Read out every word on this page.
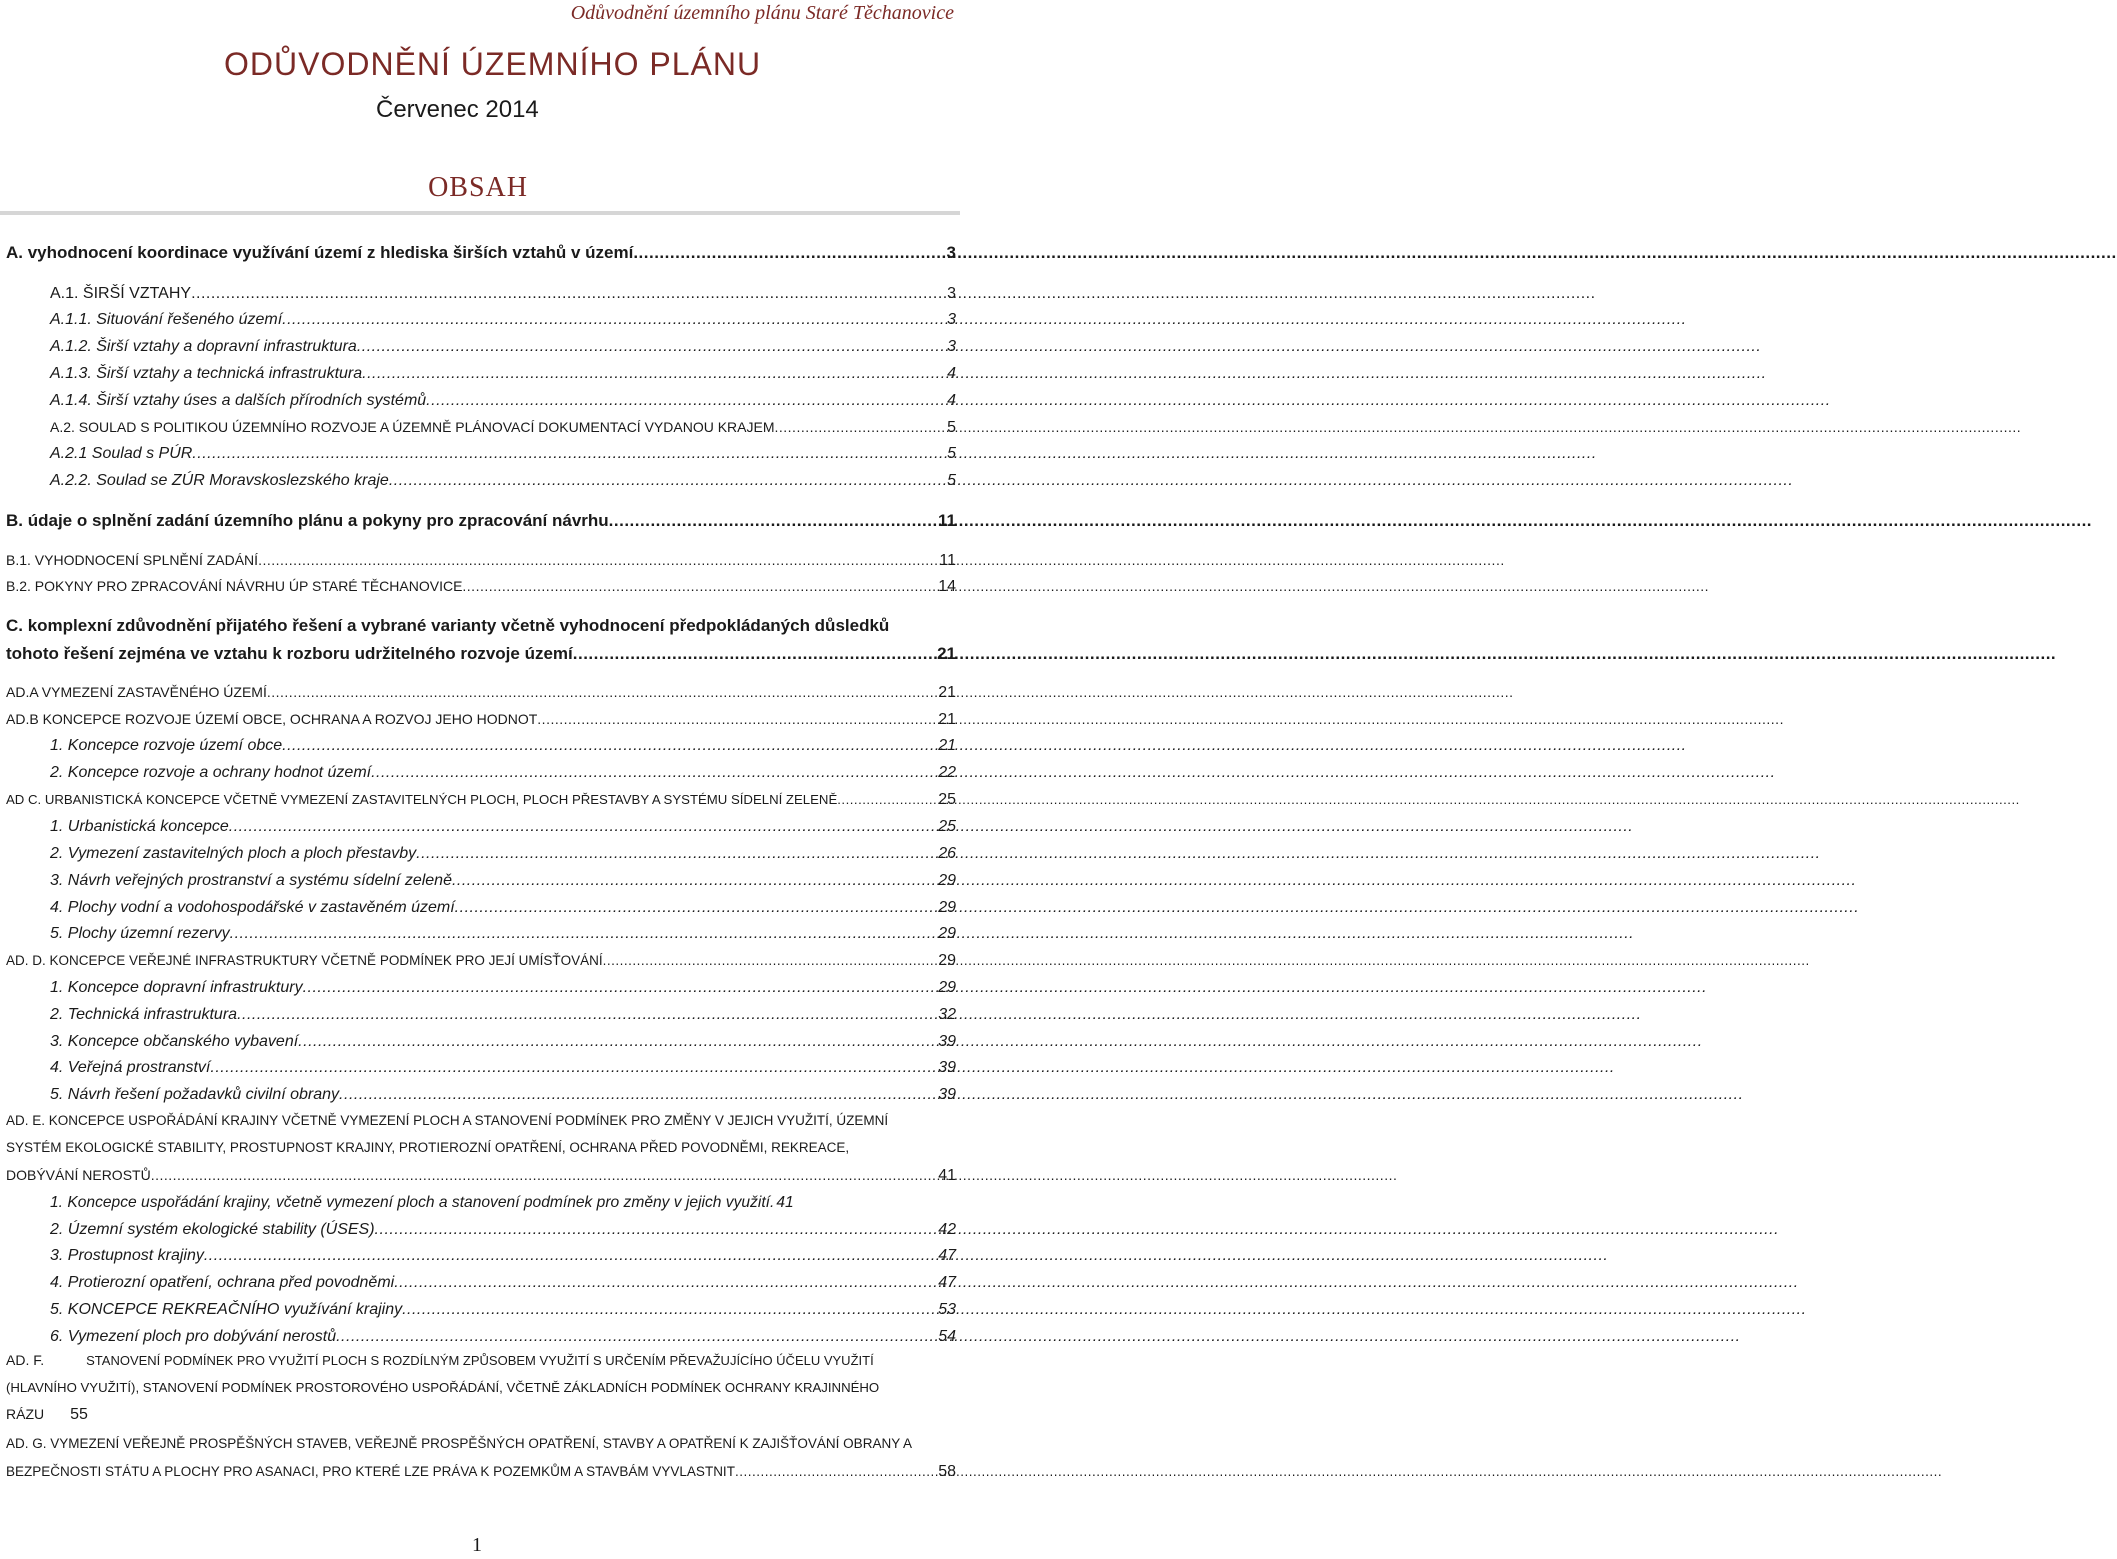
Odůvodnění územního plánu Staré Těchanovice
ODŮVODNĚNÍ ÚZEMNÍHO PLÁNU
Červenec 2014
OBSAH
A. vyhodnocení koordinace využívání území z hlediska širších vztahů v území .....	3
A.1. ŠIRŠÍ VZTAHY .....	3
A.1.1. Situování řešeného území .....	3
A.1.2. Širší vztahy a dopravní infrastruktura .....	3
A.1.3. Širší vztahy a technická infrastruktura .....	4
A.1.4. Širší vztahy úses a dalších přírodních systémů .....	4
A.2. SOULAD S POLITIKOU ÚZEMNÍHO ROZVOJE A ÚZEMNĚ PLÁNOVACÍ DOKUMENTACÍ VYDANOU KRAJEM .....	5
A.2.1 Soulad s PÚR .....	5
A.2.2. Soulad se ZÚR Moravskoslezského kraje .....	5
B. údaje o splnění zadání územního plánu a pokyny pro zpracování návrhu .....	11
B.1. VYHODNOCENÍ SPLNĚNÍ ZADÁNÍ .....	11
B.2. POKYNY PRO ZPRACOVÁNÍ NÁVRHU ÚP STARÉ TĚCHANOVICE .....	14
C. komplexní zdůvodnění přijatého řešení a vybrané varianty včetně vyhodnocení předpokládaných důsledků
tohoto řešení zejména ve vztahu k rozboru udržitelného rozvoje území .....	21
AD.A VYMEZENÍ ZASTAVĚNÉHO ÚZEMÍ .....	21
AD.B KONCEPCE ROZVOJE ÚZEMÍ OBCE, OCHRANA A ROZVOJ JEHO HODNOT .....	21
1. Koncepce rozvoje území obce .....	21
2. Koncepce rozvoje a ochrany hodnot území .....	22
AD C. URBANISTICKÁ KONCEPCE VČETNĚ VYMEZENÍ ZASTAVITELNÝCH PLOCH, PLOCH PŘESTAVBY A SYSTÉMU SÍDELNÍ ZELENĚ .....	25
1. Urbanistická koncepce .....	25
2. Vymezení zastavitelných ploch a ploch přestavby .....	26
3. Návrh veřejných prostranství a systému sídelní zeleně .....	29
4. Plochy vodní a vodohospodářské v zastavěném území .....	29
5. Plochy územní rezervy .....	29
AD. D. KONCEPCE VEŘEJNÉ INFRASTRUKTURY VČETNĚ PODMÍNEK PRO JEJÍ UMÍSŤOVÁNÍ .....	29
1. Koncepce dopravní infrastruktury .....	29
2. Technická infrastruktura .....	32
3. Koncepce občanského vybavení .....	39
4. Veřejná prostranství .....	39
5. Návrh řešení požadavků civilní obrany .....	39
AD. E. KONCEPCE USPOŘÁDÁNÍ KRAJINY VČETNĚ VYMEZENÍ PLOCH A STANOVENÍ PODMÍNEK PRO ZMĚNY V JEJICH VYUŽITÍ, ÚZEMNÍ
SYSTÉM EKOLOGICKÉ STABILITY, PROSTUPNOST KRAJINY, PROTIEROZNÍ OPATŘENÍ, OCHRANA PŘED POVODNĚMI, REKREACE,
DOBÝVÁNÍ NEROSTŮ .....	41
1. Koncepce uspořádání krajiny, včetně vymezení ploch a stanovení podmínek pro změny v jejich využití. 41
2. Územní systém ekologické stability (ÚSES) .....	42
3. Prostupnost krajiny .....	47
4. Protierozní opatření, ochrana před povodněmi .....	47
5. KONCEPCE REKREAČNÍHO využívání krajiny .....	53
6. Vymezení ploch pro dobývání nerostů .....	54
AD. F.	STANOVENÍ PODMÍNEK PRO VYUŽITÍ PLOCH S ROZDÍLNÝM ZPŮSOBEM VYUŽITÍ S URČENÍM PŘEVAŽUJÍCÍHO ÚČELU VYUŽITÍ
(HLAVNÍHO VYUŽITÍ), STANOVENÍ PODMÍNEK PROSTOROVÉHO USPOŘÁDÁNÍ, VČETNĚ ZÁKLADNÍCH PODMÍNEK OCHRANY KRAJINNÉHO
RÁZU 55
AD. G. VYMEZENÍ VEŘEJNĚ PROSPĚŠNÝCH STAVEB, VEŘEJNĚ PROSPĚŠNÝCH OPATŘENÍ, STAVBY A OPATŘENÍ K ZAJIŠŤOVÁNÍ OBRANY A
BEZPEČNOSTI STÁTU A PLOCHY PRO ASANACI, PRO KTERÉ LZE PRÁVA K POZEMKŮM A STAVBÁM VYVLASTNIT .....	58
1
